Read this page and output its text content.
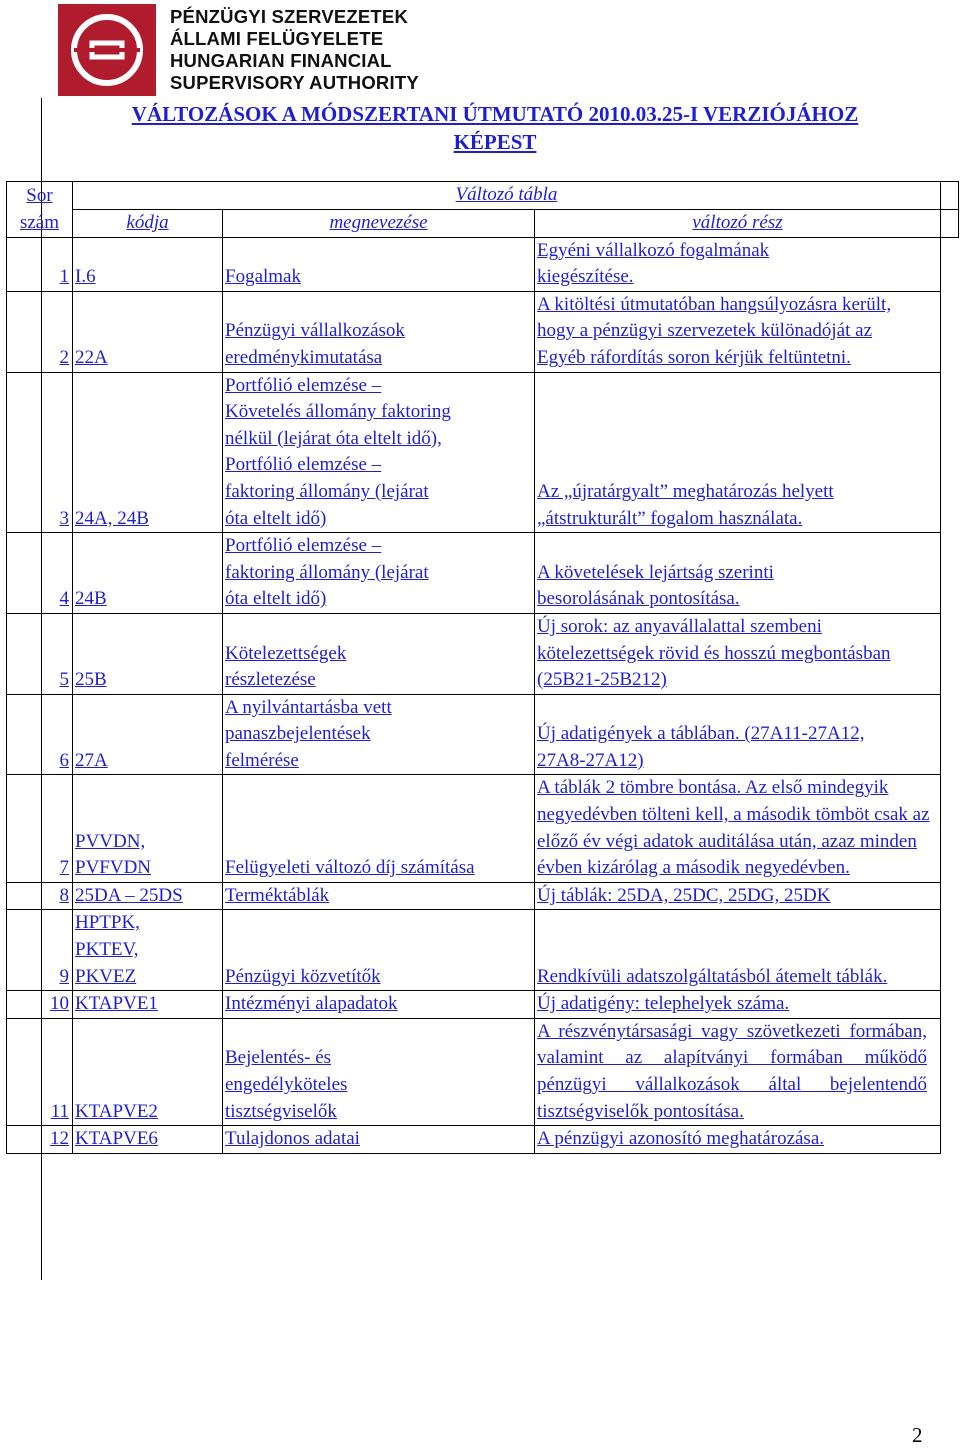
PÉNZÜGYI SZERVEZETEK
ÁLLAMI FELÜGYELETE
HUNGARIAN FINANCIAL
SUPERVISORY AUTHORITY
VÁLTOZÁSOK A MÓDSZERTANI ÚTMUTATÓ 2010.03.25-I VERZIÓJÁHOZ
KÉPEST
Sor	Változó tábla			
szám	kódja	megnevezése	változó rész	
1	I.6	Fogalmak	Egyéni vállalkozó fogalmának kiegészítése.	

2	22A	Pénzügyi vállalkozások eredménykimutatása	A kitöltési útmutatóban hangsúlyozásra került, hogy a pénzügyi szervezetek különadóját az Egyéb ráfordítás soron kérjük feltüntetni.	

3	24A, 24B	Portfólió elemzése – Követelés állomány faktoring nélkül (lejárat óta eltelt idő), Portfólió elemzése – faktoring állomány (lejárat óta eltelt idő)	Az „újratárgyalt” meghatározás helyett „átstrukturált” fogalom használata.	

4	24B	Portfólió elemzése – faktoring állomány (lejárat óta eltelt idő)	A követelések lejártság szerinti besorolásának pontosítása.	

5	25B	Kötelezettségek részletezése	Új sorok: az anyavállalattal szembeni kötelezettségek rövid és hosszú megbontásban (25B21-25B212)	

6	27A	A nyilvántartásba vett panaszbejelentések felmérése	Új adatigények a táblában. (27A11-27A12, 27A8-27A12)	

7	PVVDN, PVFVDN	Felügyeleti változó díj számítása	A táblák 2 tömbre bontása. Az első mindegyik negyedévben tölteni kell, a második tömböt csak az előző év végi adatok auditálása után, azaz minden évben kizárólag a második negyedévben.	

8	25DA – 25DS	Terméktáblák	Új táblák: 25DA, 25DC, 25DG, 25DK	
9	HPTPK, PKTEV, PKVEZ	Pénzügyi közvetítők	Rendkívüli adatszolgáltatásból átemelt táblák.	

10	KTAPVE1	Intézményi alapadatok	Új adatigény: telephelyek száma.	
11	KTAPVE2	Bejelentés- és engedélyköteles tisztségviselők	A részvénytársasági vagy szövetkezeti formában, valamint az alapítványi formában működő pénzügyi vállalkozások által bejelentendő tisztségviselők pontosítása.	

12	KTAPVE6	Tulajdonos adatai	A pénzügyi azonosító meghatározása.	
2
